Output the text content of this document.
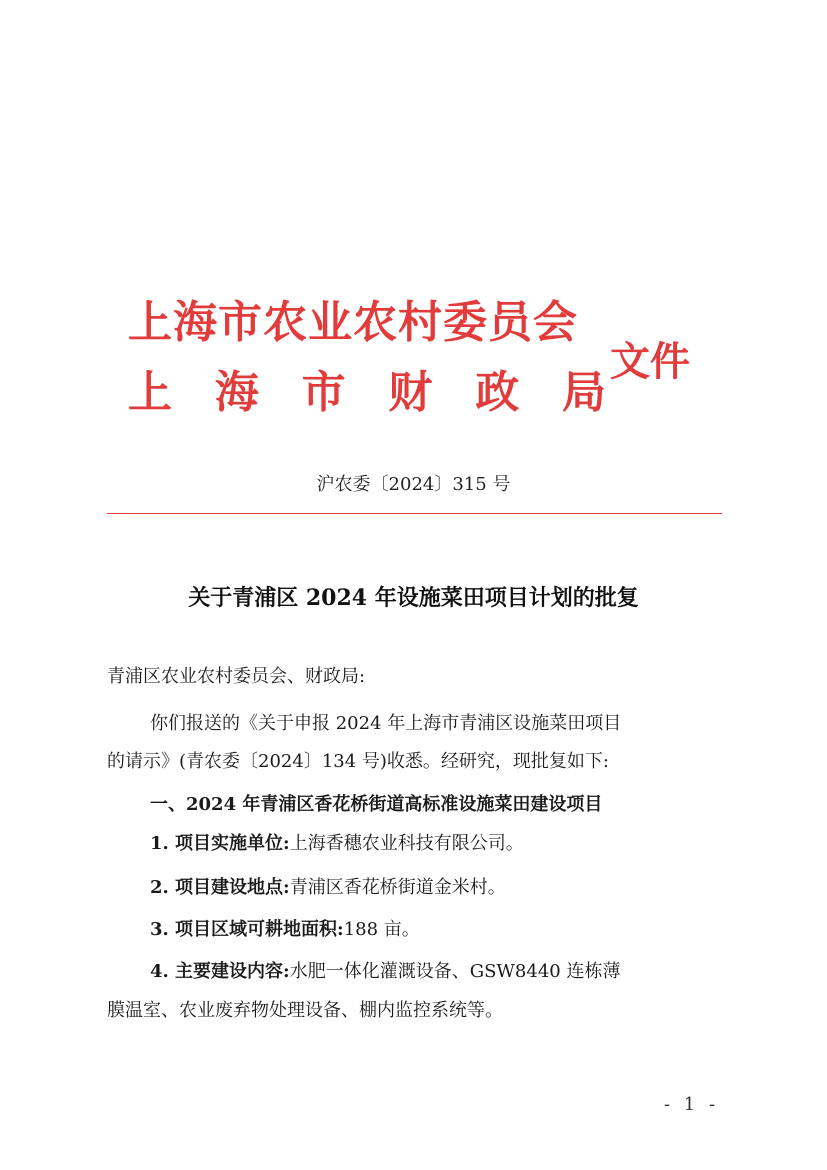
上海市农业农村委员会
上 海 市 财 政 局
文件
沪农委〔2024〕315 号
关于青浦区 2024 年设施菜田项目计划的批复
青浦区农业农村委员会、财政局:
你们报送的《关于申报 2024 年上海市青浦区设施菜田项目
的请示》(青农委〔2024〕134 号)收悉。经研究，现批复如下:
一、2024 年青浦区香花桥街道高标准设施菜田建设项目
1. 项目实施单位:上海香穗农业科技有限公司。
2. 项目建设地点:青浦区香花桥街道金米村。
3. 项目区域可耕地面积:188 亩。
4. 主要建设内容:水肥一体化灌溉设备、GSW8440 连栋薄
膜温室、农业废弃物处理设备、棚内监控系统等。
- 1 -
